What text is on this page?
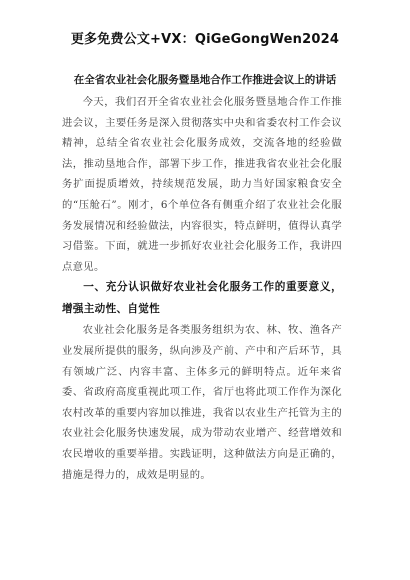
更多免费公文+VX：QiGeGongWen2024
在全省农业社会化服务暨垦地合作工作推进会议上的讲话

今天，我们召开全省农业社会化服务暨垦地合作工作推进会议，主要任务是深入贯彻落实中央和省委农村工作会议精神，总结全省农业社会化服务成效，交流各地的经验做法，推动垦地合作，部署下步工作，推进我省农业社会化服务扩面提质增效，持续规范发展，助力当好国家粮食安全的“压舱石”。刚才，6个单位各有侧重介绍了农业社会化服务发展情况和经验做法，内容很实，特点鲜明，值得认真学习借鉴。下面，就进一步抓好农业社会化服务工作，我讲四点意见。

一、充分认识做好农业社会化服务工作的重要意义，增强主动性、自觉性

农业社会化服务是各类服务组织为农、林、牧、渔各产业发展所提供的服务，纵向涉及产前、产中和产后环节，具有领域广泛、内容丰富、主体多元的鲜明特点。近年来省委、省政府高度重视此项工作，省厅也将此项工作作为深化农村改革的重要内容加以推进，我省以农业生产托管为主的农业社会化服务快速发展，成为带动农业增产、经营增效和农民增收的重要举措。实践证明，这种做法方向是正确的，措施是得力的，成效是明显的。
